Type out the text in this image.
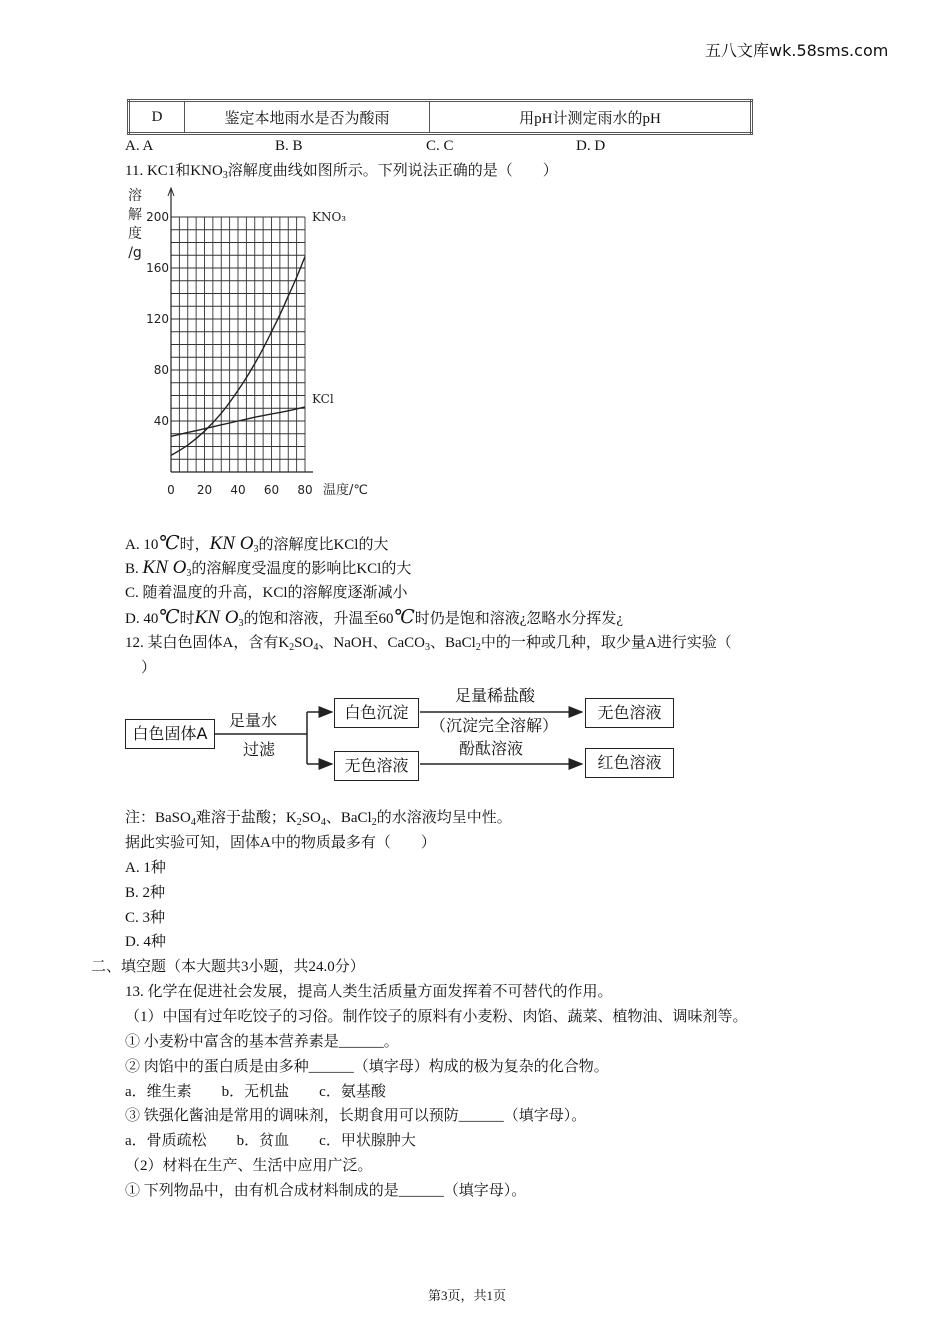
五八文库wk.58sms.com
D	鉴定本地雨水是否为酸雨	用pH计测定雨水的pH
A. A	B. B	C. C	D. D
11. KC1和$KNO_3$溶解度曲线如图所示。下列说法正确的是（　　）
0 20 40 60 80
40
80
120
160
200
溶
解
度
/g
温度/℃
KNO₃
KCl
A. 10℃时，KN $O_3$的溶解度比KCl的大
B. KN $O_3$的溶解度受温度的影响比KCl的大
C. 随着温度的升高，KCl的溶解度逐渐减小
D. 40℃时KN $O_3$的饱和溶液，升温至60℃时仍是饱和溶液¿忽略水分挥发¿
12. 某白色固体A，含有$K_2SO_4$、NaOH、CaCO$_3$、BaCl$_2$中的一种或几种，取少量A进行实验（
）
白色固体A
白色沉淀
无色溶液
无色溶液
红色溶液
足量水
过滤
足量稀盐酸
（沉淀完全溶解）
酚酞溶液
注：BaSO$_4$难溶于盐酸；$K_2SO_4$、BaCl$_2$的水溶液均呈中性。
据此实验可知，固体A中的物质最多有（　　）
A. 1种
B. 2种
C. 3种
D. 4种
二、填空题（本大题共3小题，共24.0分）
13. 化学在促进社会发展，提高人类生活质量方面发挥着不可替代的作用。
（1）中国有过年吃饺子的习俗。制作饺子的原料有小麦粉、肉馅、蔬菜、植物油、调味剂等。
① 小麦粉中富含的基本营养素是______。
② 肉馅中的蛋白质是由多种______（填字母）构成的极为复杂的化合物。
a．维生素　　b．无机盐　　c．氨基酸
③ 铁强化酱油是常用的调味剂，长期食用可以预防______（填字母）。
a．骨质疏松　　b．贫血　　c．甲状腺肿大
（2）材料在生产、生活中应用广泛。
① 下列物品中，由有机合成材料制成的是______（填字母）。
第3页，共1页
